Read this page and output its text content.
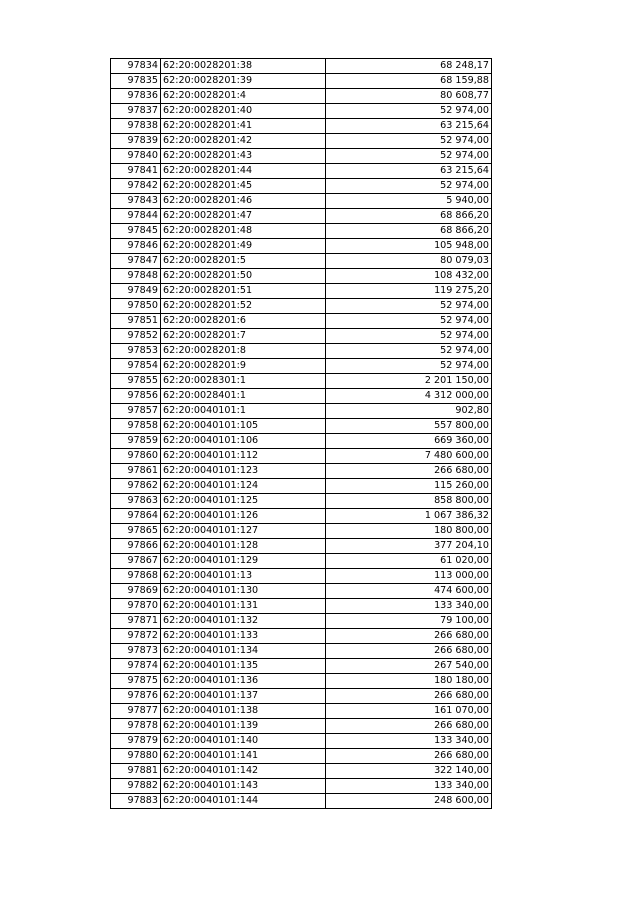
97834	62:20:0028201:38	68 248,17
97835	62:20:0028201:39	68 159,88
97836	62:20:0028201:4	80 608,77
97837	62:20:0028201:40	52 974,00
97838	62:20:0028201:41	63 215,64
97839	62:20:0028201:42	52 974,00
97840	62:20:0028201:43	52 974,00
97841	62:20:0028201:44	63 215,64
97842	62:20:0028201:45	52 974,00
97843	62:20:0028201:46	5 940,00
97844	62:20:0028201:47	68 866,20
97845	62:20:0028201:48	68 866,20
97846	62:20:0028201:49	105 948,00
97847	62:20:0028201:5	80 079,03
97848	62:20:0028201:50	108 432,00
97849	62:20:0028201:51	119 275,20
97850	62:20:0028201:52	52 974,00
97851	62:20:0028201:6	52 974,00
97852	62:20:0028201:7	52 974,00
97853	62:20:0028201:8	52 974,00
97854	62:20:0028201:9	52 974,00
97855	62:20:0028301:1	2 201 150,00
97856	62:20:0028401:1	4 312 000,00
97857	62:20:0040101:1	902,80
97858	62:20:0040101:105	557 800,00
97859	62:20:0040101:106	669 360,00
97860	62:20:0040101:112	7 480 600,00
97861	62:20:0040101:123	266 680,00
97862	62:20:0040101:124	115 260,00
97863	62:20:0040101:125	858 800,00
97864	62:20:0040101:126	1 067 386,32
97865	62:20:0040101:127	180 800,00
97866	62:20:0040101:128	377 204,10
97867	62:20:0040101:129	61 020,00
97868	62:20:0040101:13	113 000,00
97869	62:20:0040101:130	474 600,00
97870	62:20:0040101:131	133 340,00
97871	62:20:0040101:132	79 100,00
97872	62:20:0040101:133	266 680,00
97873	62:20:0040101:134	266 680,00
97874	62:20:0040101:135	267 540,00
97875	62:20:0040101:136	180 180,00
97876	62:20:0040101:137	266 680,00
97877	62:20:0040101:138	161 070,00
97878	62:20:0040101:139	266 680,00
97879	62:20:0040101:140	133 340,00
97880	62:20:0040101:141	266 680,00
97881	62:20:0040101:142	322 140,00
97882	62:20:0040101:143	133 340,00
97883	62:20:0040101:144	248 600,00
